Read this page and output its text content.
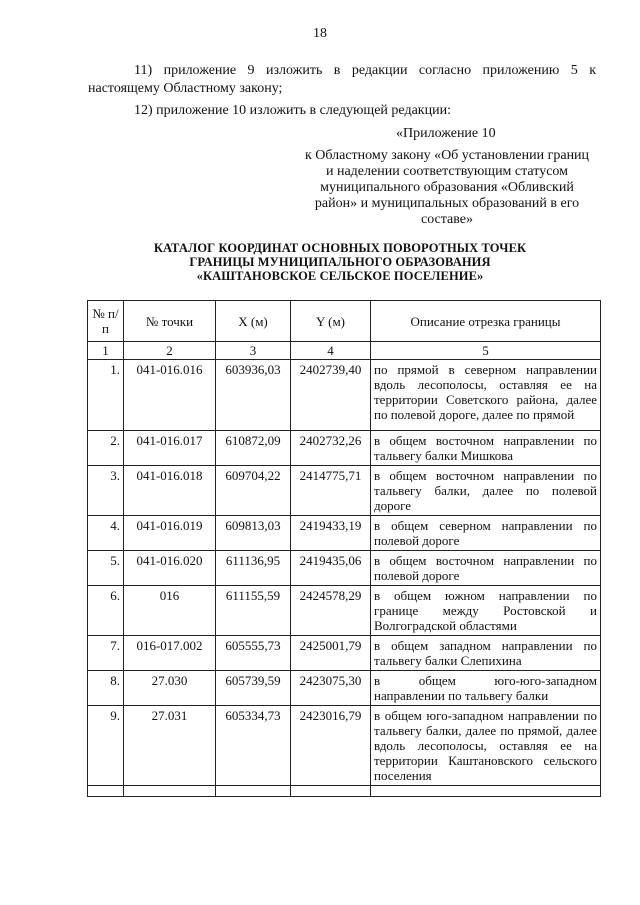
18
11) приложение 9 изложить в редакции согласно приложению 5 к настоящему Областному закону;
12) приложение 10 изложить в следующей редакции:
«Приложение 10
к Областному закону «Об установлении границ и наделении соответствующим статусом муниципального образования «Обливский район» и муниципальных образований в его составе»
КАТАЛОГ КООРДИНАТ ОСНОВНЫХ ПОВОРОТНЫХ ТОЧЕК
ГРАНИЦЫ МУНИЦИПАЛЬНОГО ОБРАЗОВАНИЯ
«КАШТАНОВСКОЕ СЕЛЬСКОЕ ПОСЕЛЕНИЕ»
№ п/п	№ точки	X (м)	Y (м)	Описание отрезка границы
1	2	3	4	5
1.	041-016.016	603936,03	2402739,40	по прямой в северном направлении вдоль лесополосы, оставляя ее на территории Советского района, далее по полевой дороге, далее по прямой
2.	041-016.017	610872,09	2402732,26	в общем восточном направлении по тальвегу балки Мишкова
3.	041-016.018	609704,22	2414775,71	в общем восточном направлении по тальвегу балки, далее по полевой дороге
4.	041-016.019	609813,03	2419433,19	в общем северном направлении по полевой дороге
5.	041-016.020	611136,95	2419435,06	в общем восточном направлении по полевой дороге
6.	016	611155,59	2424578,29	в общем южном направлении по границе между Ростовской и Волгоградской областями
7.	016-017.002	605555,73	2425001,79	в общем западном направлении по тальвегу балки Слепихина
8.	27.030	605739,59	2423075,30	в общем юго-юго-западном направлении по тальвегу балки
9.	27.031	605334,73	2423016,79	в общем юго-западном направлении по тальвегу балки, далее по прямой, далее вдоль лесополосы, оставляя ее на территории Каштановского сельского поселения
